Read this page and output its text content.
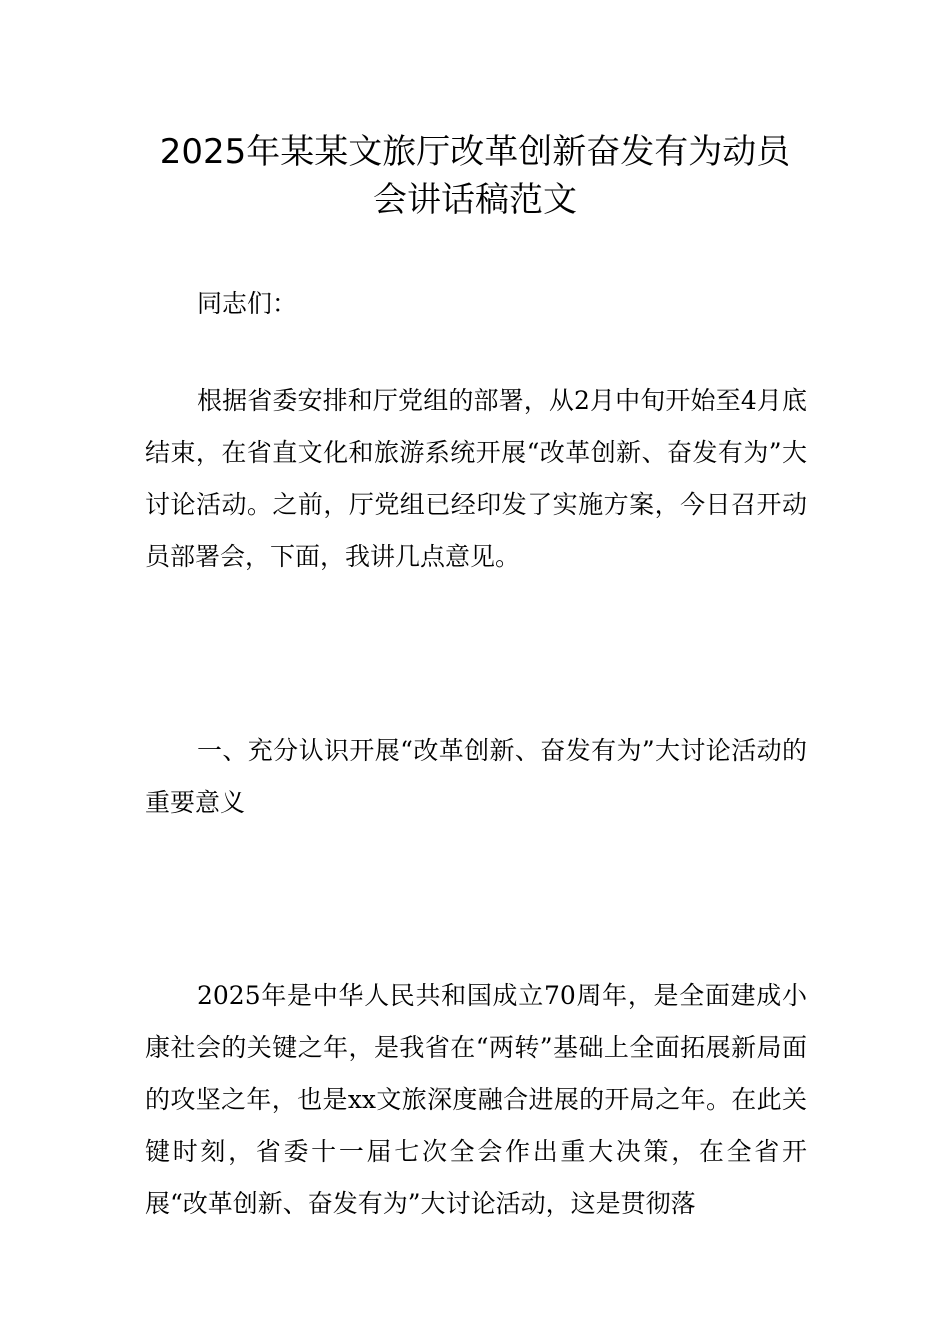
2025年某某文旅厅改革创新奋发有为动员
会讲话稿范文

同志们：

根据省委安排和厅党组的部署，从2月中旬开始至4月底结束，在省直文化和旅游系统开展“改革创新、奋发有为”大讨论活动。之前，厅党组已经印发了实施方案，今日召开动员部署会，下面，我讲几点意见。

一、充分认识开展“改革创新、奋发有为”大讨论活动的重要意义

2025年是中华人民共和国成立70周年，是全面建成小康社会的关键之年，是我省在“两转”基础上全面拓展新局面的攻坚之年，也是xx文旅深度融合进展的开局之年。在此关键时刻，省委十一届七次全会作出重大决策，在全省开展“改革创新、奋发有为”大讨论活动，这是贯彻落
